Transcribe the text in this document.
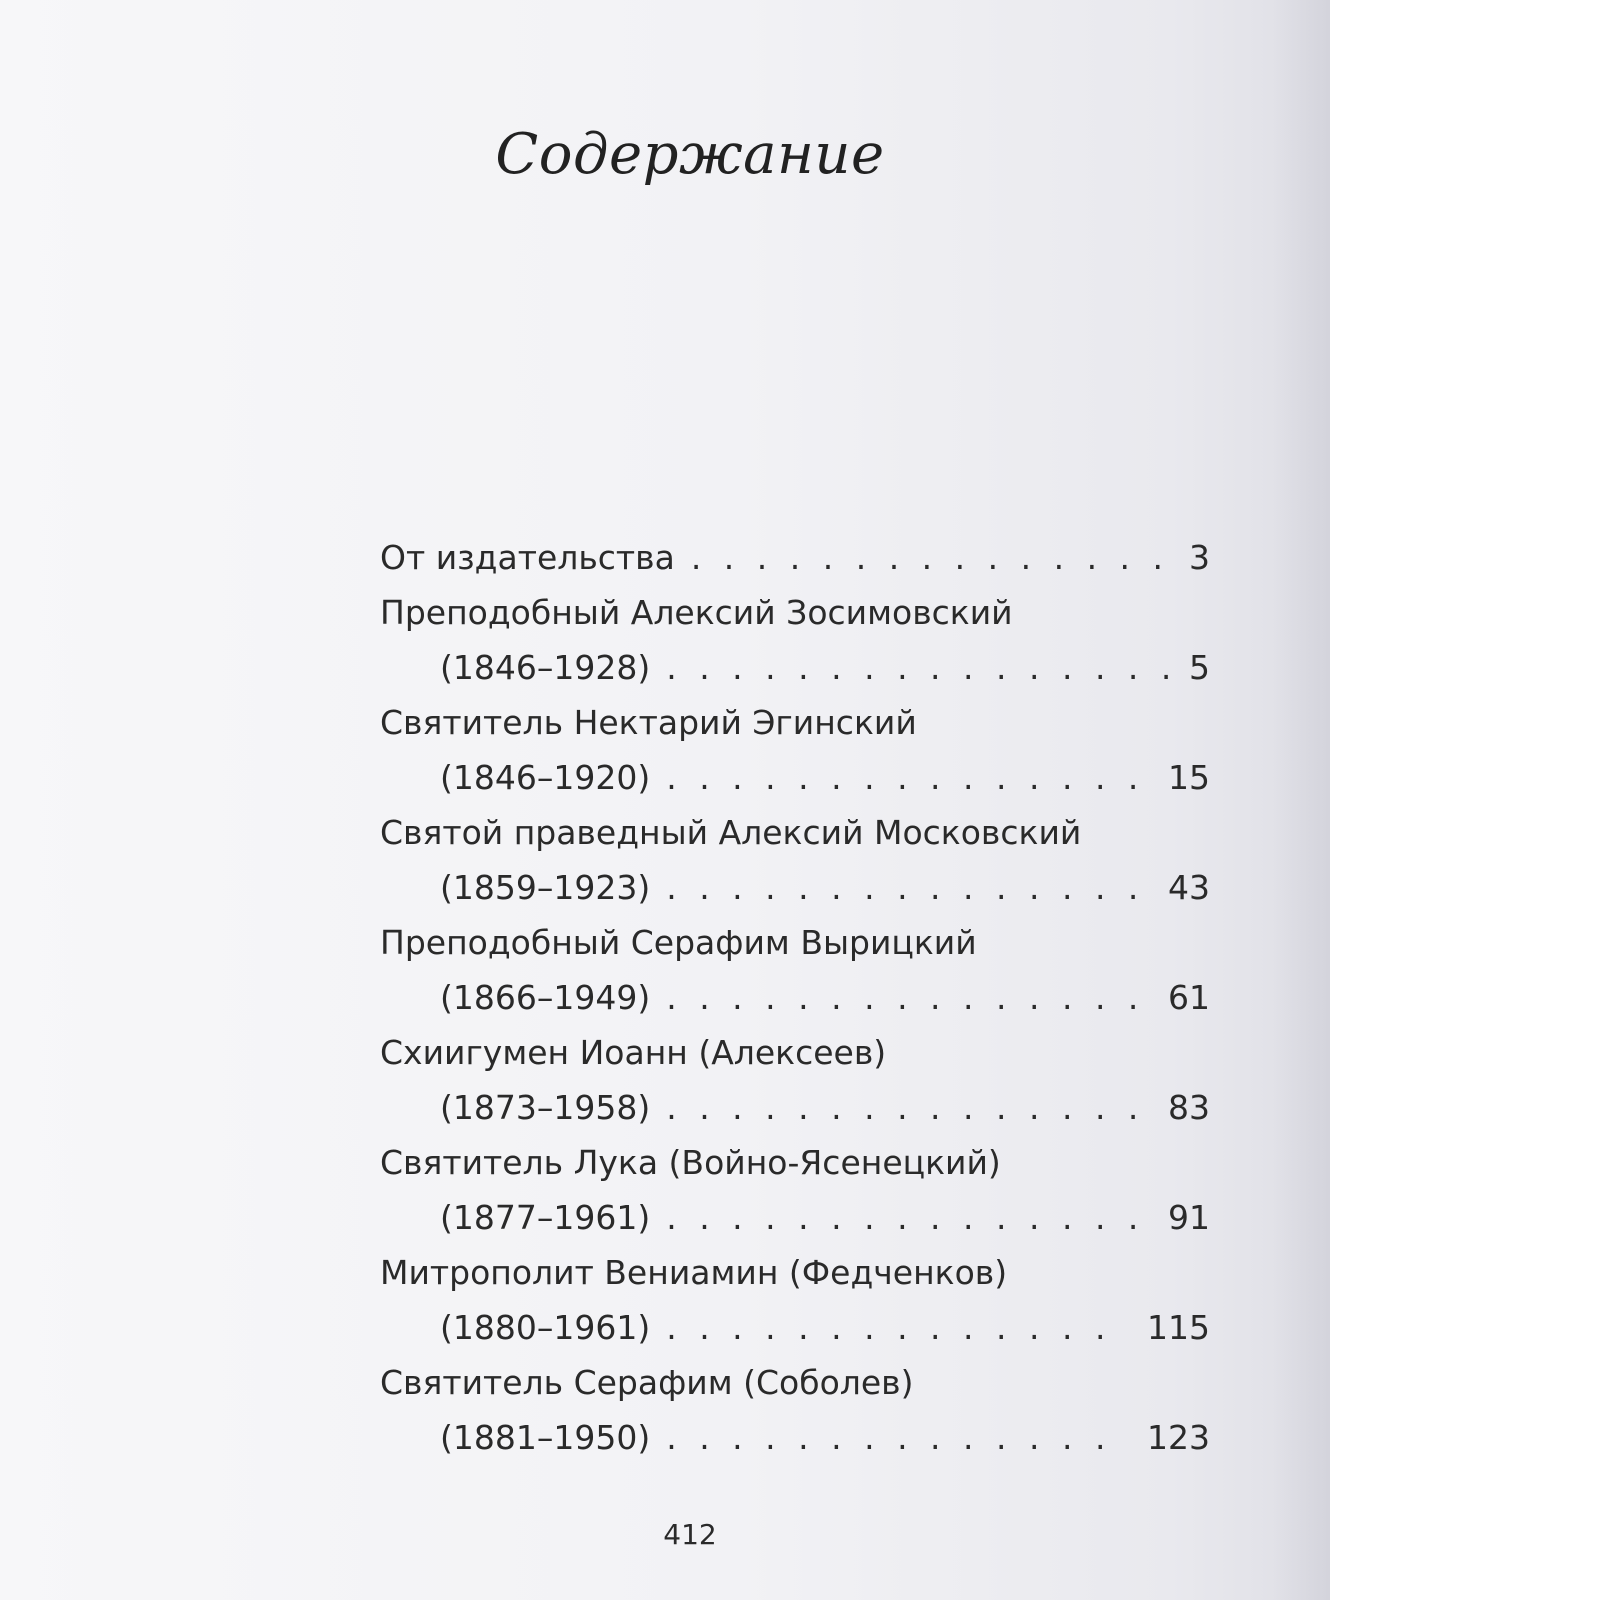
Содержание
От издательства . . .	3
Преподобный Алексий Зосимовский
(1846–1928) . . .	5
Святитель Нектарий Эгинский
(1846–1920) . . .	15
Святой праведный Алексий Московский
(1859–1923) . . .	43
Преподобный Серафим Вырицкий
(1866–1949) . . .	61
Схиигумен Иоанн (Алексеев)
(1873–1958) . . .	83
Святитель Лука (Войно-Ясенецкий)
(1877–1961) . . .	91
Митрополит Вениамин (Федченков)
(1880–1961) . . .	115
Святитель Серафим (Соболев)
(1881–1950) . . .	123
412
